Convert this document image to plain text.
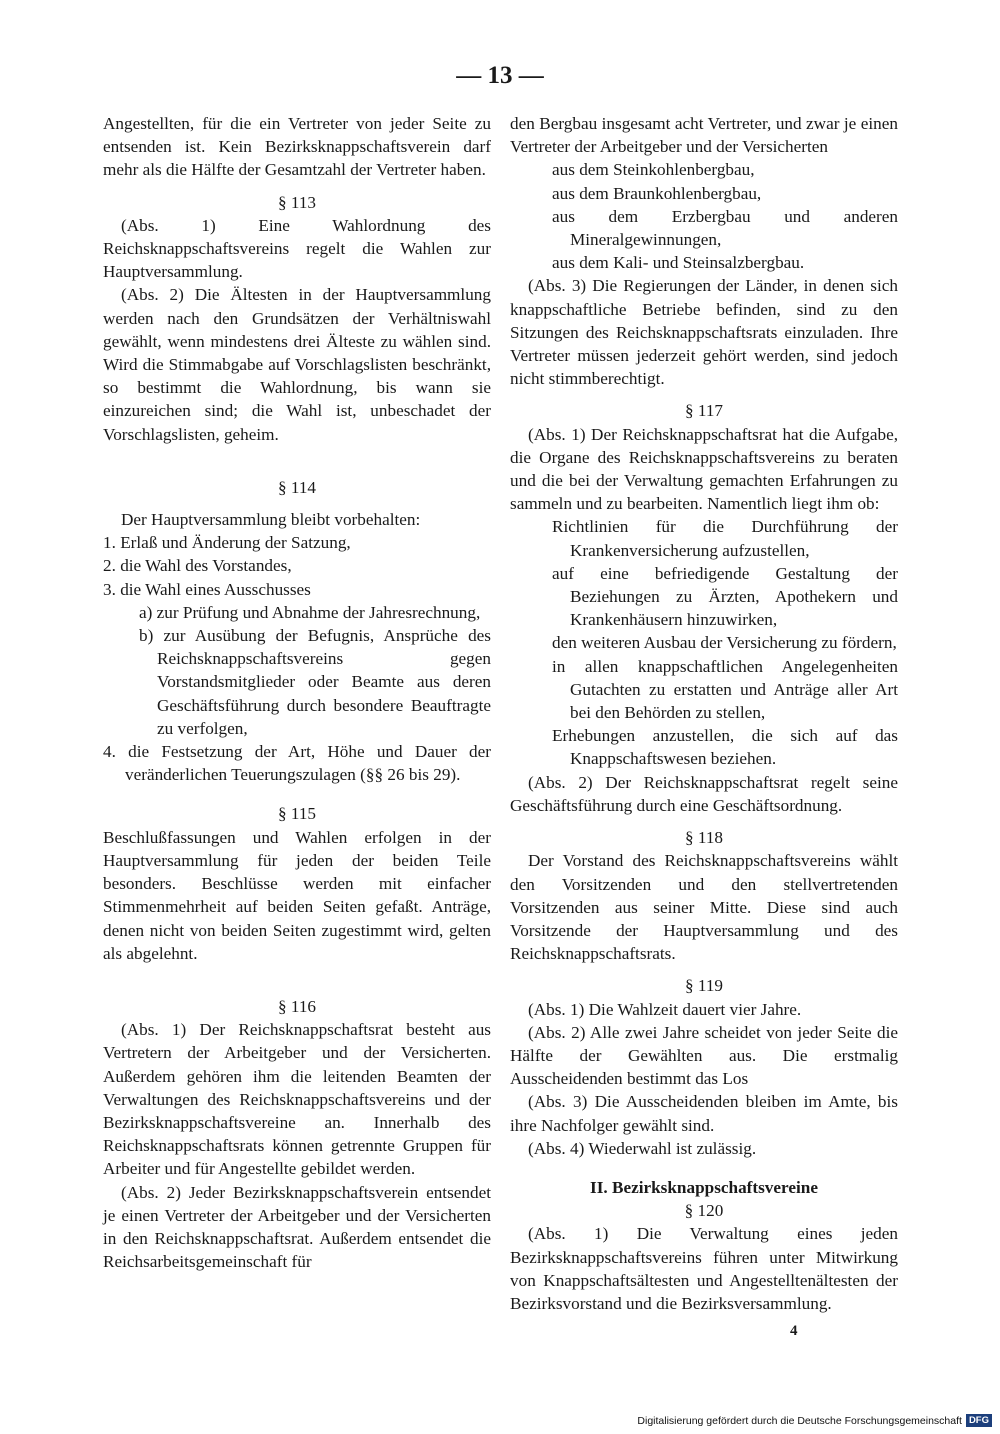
— 13 —

Angestellten, für die ein Vertreter von jeder Seite zu entsenden ist. Kein Bezirksknappschaftsverein darf mehr als die Hälfte der Gesamtzahl der Vertreter haben.

§ 113

(Abs. 1) Eine Wahlordnung des Reichsknappschaftsvereins regelt die Wahlen zur Hauptversammlung.

(Abs. 2) Die Ältesten in der Hauptversammlung werden nach den Grundsätzen der Verhältniswahl gewählt, wenn mindestens drei Älteste zu wählen sind. Wird die Stimmabgabe auf Vorschlagslisten beschränkt, so bestimmt die Wahlordnung, bis wann sie einzureichen sind; die Wahl ist, unbeschadet der Vorschlagslisten, geheim.

§ 114

Der Hauptversammlung bleibt vorbehalten:

1. Erlaß und Änderung der Satzung,

2. die Wahl des Vorstandes,

3. die Wahl eines Ausschusses

a) zur Prüfung und Abnahme der Jahresrechnung,

b) zur Ausübung der Befugnis, Ansprüche des Reichsknappschaftsvereins gegen Vorstandsmitglieder oder Beamte aus deren Geschäftsführung durch besondere Beauftragte zu verfolgen,

4. die Festsetzung der Art, Höhe und Dauer der veränderlichen Teuerungszulagen (§§ 26 bis 29).

§ 115

Beschlußfassungen und Wahlen erfolgen in der Hauptversammlung für jeden der beiden Teile besonders. Beschlüsse werden mit einfacher Stimmenmehrheit auf beiden Seiten gefaßt. Anträge, denen nicht von beiden Seiten zugestimmt wird, gelten als abgelehnt.

§ 116

(Abs. 1) Der Reichsknappschaftsrat besteht aus Vertretern der Arbeitgeber und der Versicherten. Außerdem gehören ihm die leitenden Beamten der Verwaltungen des Reichsknappschaftsvereins und der Bezirksknappschaftsvereine an. Innerhalb des Reichsknappschaftsrats können getrennte Gruppen für Arbeiter und für Angestellte gebildet werden.

(Abs. 2) Jeder Bezirksknappschaftsverein entsendet je einen Vertreter der Arbeitgeber und der Versicherten in den Reichsknappschaftsrat. Außerdem entsendet die Reichsarbeitsgemeinschaft für

den Bergbau insgesamt acht Vertreter, und zwar je einen Vertreter der Arbeitgeber und der Versicherten

aus dem Steinkohlenbergbau,

aus dem Braunkohlenbergbau,

aus dem Erzbergbau und anderen Mineralgewinnungen,

aus dem Kali- und Steinsalzbergbau.

(Abs. 3) Die Regierungen der Länder, in denen sich knappschaftliche Betriebe befinden, sind zu den Sitzungen des Reichsknappschaftsrats einzuladen. Ihre Vertreter müssen jederzeit gehört werden, sind jedoch nicht stimmberechtigt.

§ 117

(Abs. 1) Der Reichsknappschaftsrat hat die Aufgabe, die Organe des Reichsknappschaftsvereins zu beraten und die bei der Verwaltung gemachten Erfahrungen zu sammeln und zu bearbeiten. Namentlich liegt ihm ob:

Richtlinien für die Durchführung der Krankenversicherung aufzustellen,

auf eine befriedigende Gestaltung der Beziehungen zu Ärzten, Apothekern und Krankenhäusern hinzuwirken,

den weiteren Ausbau der Versicherung zu fördern,

in allen knappschaftlichen Angelegenheiten Gutachten zu erstatten und Anträge aller Art bei den Behörden zu stellen,

Erhebungen anzustellen, die sich auf das Knappschaftswesen beziehen.

(Abs. 2) Der Reichsknappschaftsrat regelt seine Geschäftsführung durch eine Geschäftsordnung.

§ 118

Der Vorstand des Reichsknappschaftsvereins wählt den Vorsitzenden und den stellvertretenden Vorsitzenden aus seiner Mitte. Diese sind auch Vorsitzende der Hauptversammlung und des Reichsknappschaftsrats.

§ 119

(Abs. 1) Die Wahlzeit dauert vier Jahre.

(Abs. 2) Alle zwei Jahre scheidet von jeder Seite die Hälfte der Gewählten aus. Die erstmalig Ausscheidenden bestimmt das Los

(Abs. 3) Die Ausscheidenden bleiben im Amte, bis ihre Nachfolger gewählt sind.

(Abs. 4) Wiederwahl ist zulässig.

II. Bezirksknappschaftsvereine

§ 120

(Abs. 1) Die Verwaltung eines jeden Bezirksknappschaftsvereins führen unter Mitwirkung von Knappschaftsältesten und Angestelltenältesten der Bezirksvorstand und die Bezirksversammlung.

4
Digitalisierung gefördert durch die Deutsche Forschungsgemeinschaft DFG
